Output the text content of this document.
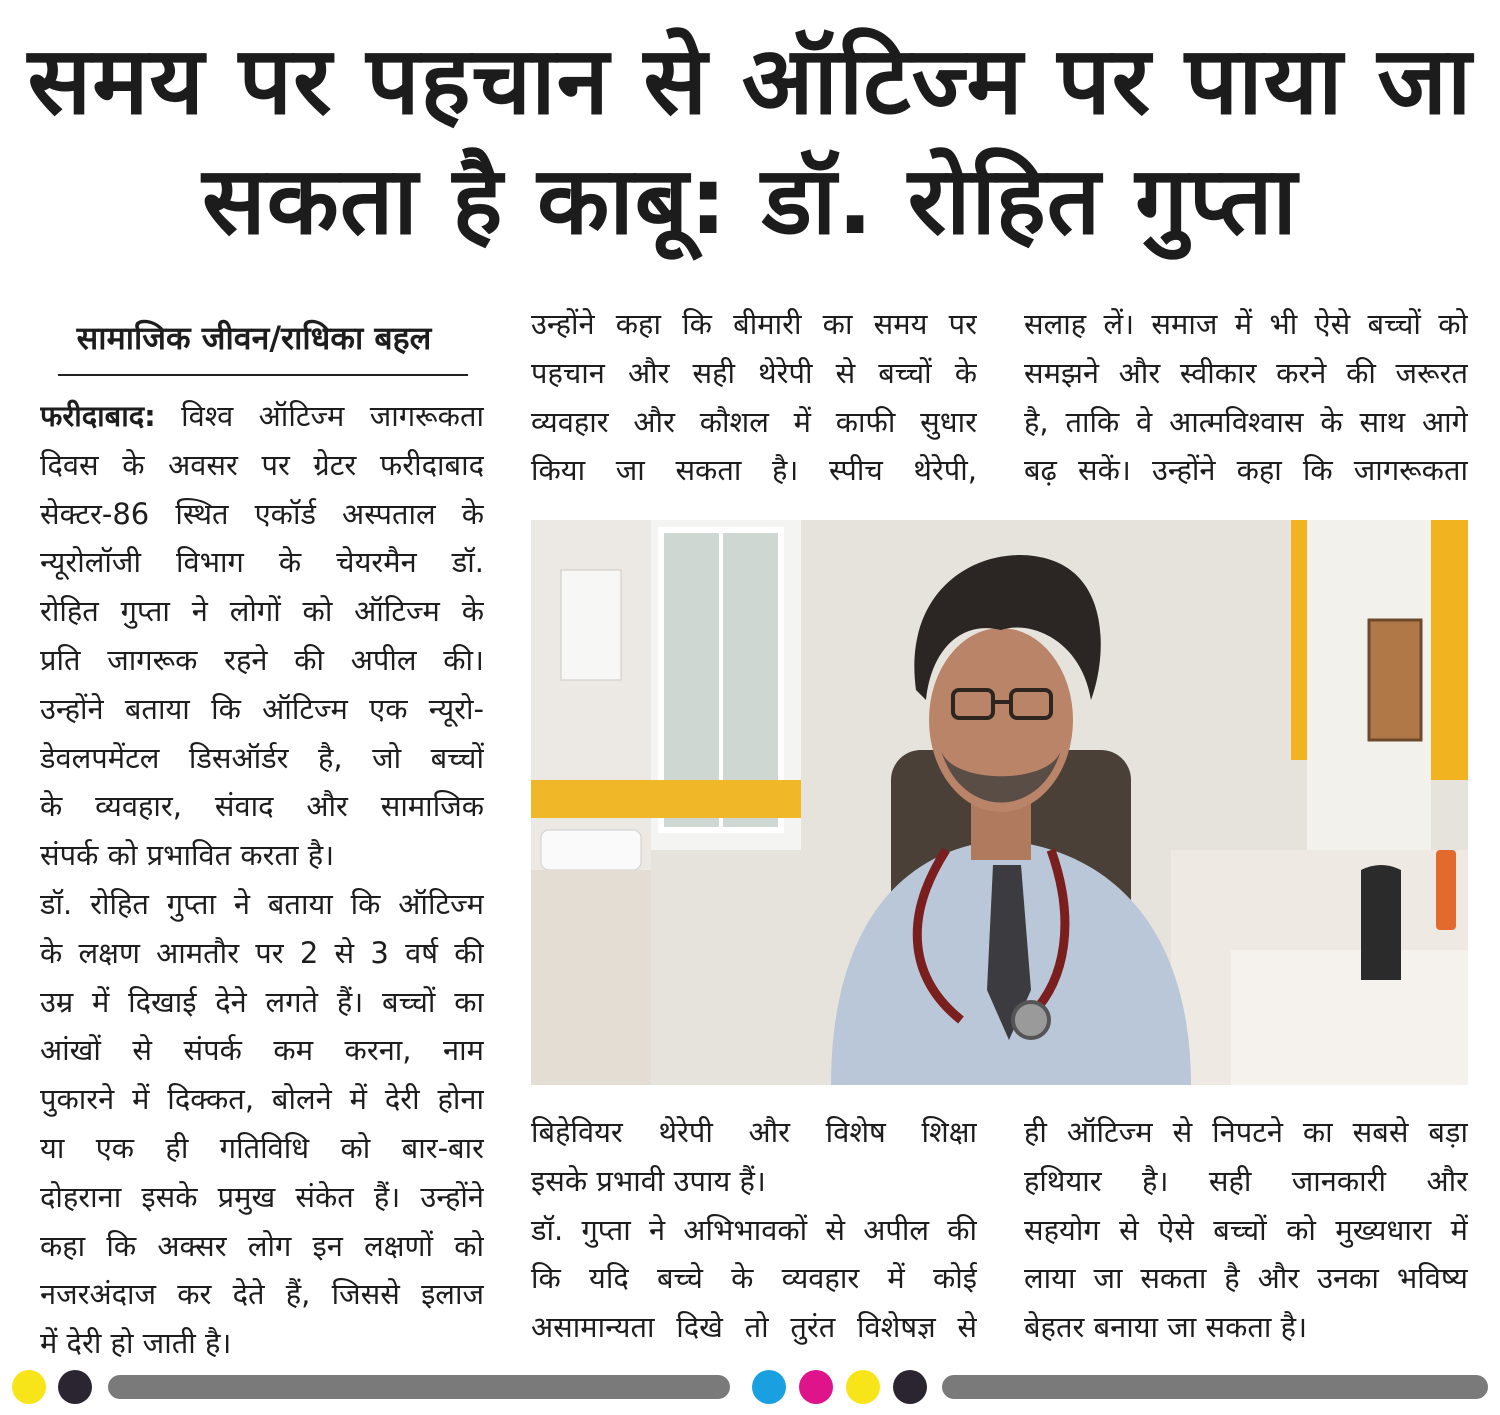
समय पर पहचान से ऑटिज्म पर पाया जा
सकता है काबू: डॉ. रोहित गुप्ता
सामाजिक जीवन/राधिका बहल
फरीदाबाद: विश्व ऑटिज्म जागरूकता
दिवस के अवसर पर ग्रेटर फरीदाबाद
सेक्टर-86 स्थित एकॉर्ड अस्पताल के
न्यूरोलॉजी विभाग के चेयरमैन डॉ.
रोहित गुप्ता ने लोगों को ऑटिज्म के
प्रति जागरूक रहने की अपील की।
उन्होंने बताया कि ऑटिज्म एक न्यूरो-
डेवलपमेंटल डिसऑर्डर है, जो बच्चों
के व्यवहार, संवाद और सामाजिक
संपर्क को प्रभावित करता है।
डॉ. रोहित गुप्ता ने बताया कि ऑटिज्म
के लक्षण आमतौर पर 2 से 3 वर्ष की
उम्र में दिखाई देने लगते हैं। बच्चों का
आंखों से संपर्क कम करना, नाम
पुकारने में दिक्कत, बोलने में देरी होना
या एक ही गतिविधि को बार-बार
दोहराना इसके प्रमुख संकेत हैं। उन्होंने
कहा कि अक्सर लोग इन लक्षणों को
नजरअंदाज कर देते हैं, जिससे इलाज
में देरी हो जाती है।
उन्होंने कहा कि बीमारी का समय पर
पहचान और सही थेरेपी से बच्चों के
व्यवहार और कौशल में काफी सुधार
किया जा सकता है। स्पीच थेरेपी,
सलाह लें। समाज में भी ऐसे बच्चों को
समझने और स्वीकार करने की जरूरत
है, ताकि वे आत्मविश्वास के साथ आगे
बढ़ सकें। उन्होंने कहा कि जागरूकता
बिहेवियर थेरेपी और विशेष शिक्षा
इसके प्रभावी उपाय हैं।
डॉ. गुप्ता ने अभिभावकों से अपील की
कि यदि बच्चे के व्यवहार में कोई
असामान्यता दिखे तो तुरंत विशेषज्ञ से
ही ऑटिज्म से निपटने का सबसे बड़ा
हथियार है। सही जानकारी और
सहयोग से ऐसे बच्चों को मुख्यधारा में
लाया जा सकता है और उनका भविष्य
बेहतर बनाया जा सकता है।
